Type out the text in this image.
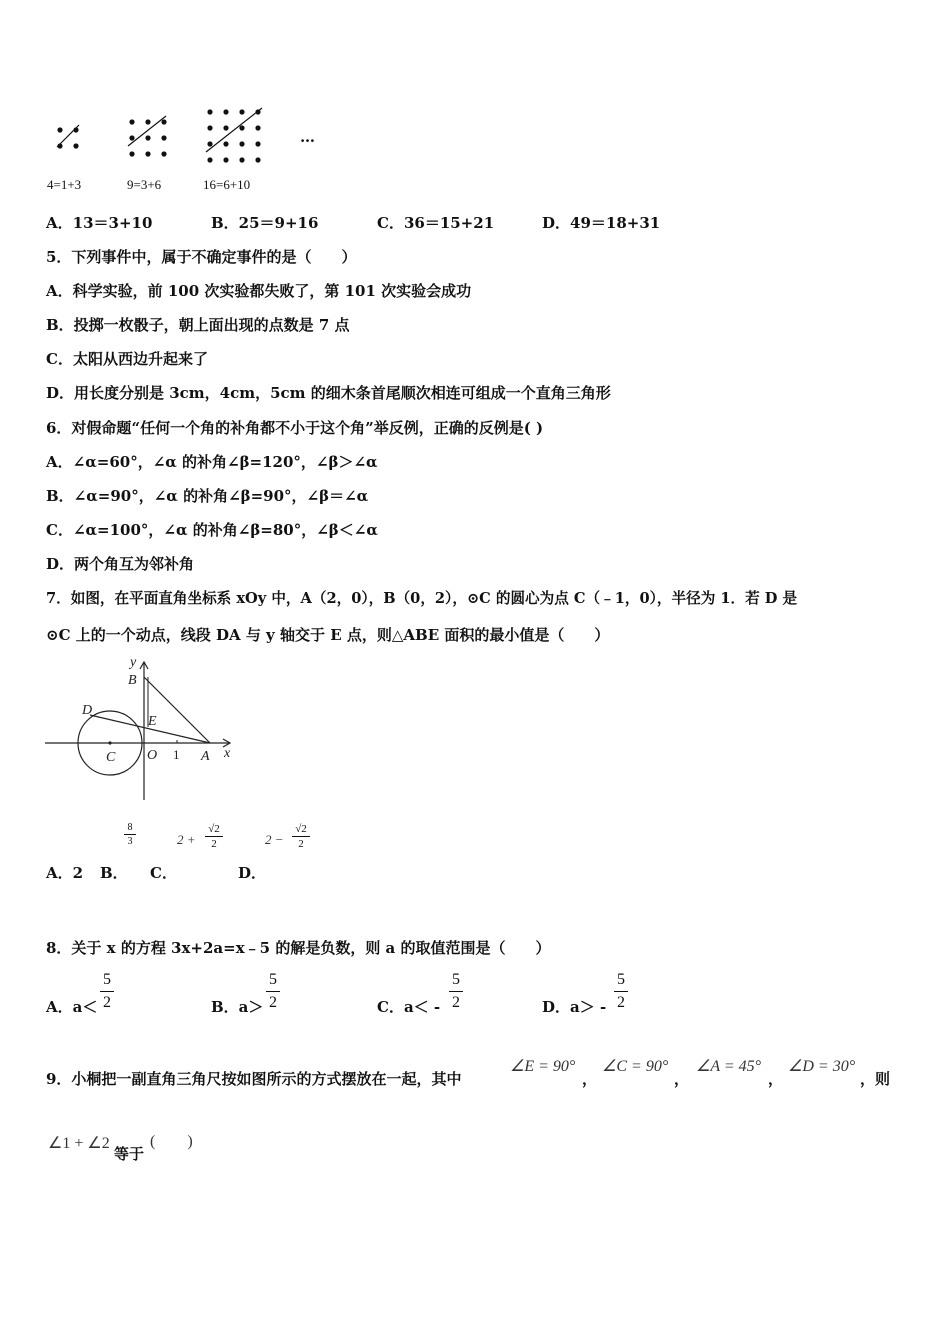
…
4=1+3	9=3+6	16=6+10
A．13＝3+10	B．25＝9+16	C．36＝15+21	D．49＝18+31
5．下列事件中，属于不确定事件的是（　　）
A．科学实验，前 100 次实验都失败了，第 101 次实验会成功
B．投掷一枚骰子，朝上面出现的点数是 7 点
C．太阳从西边升起来了
D．用长度分别是 3cm，4cm，5cm 的细木条首尾顺次相连可组成一个直角三角形
6．对假命题“任何一个角的补角都不小于这个角”举反例，正确的反例是( )
A．∠α=60°，∠α 的补角∠β=120°，∠β＞∠α
B．∠α=90°，∠α 的补角∠β=90°，∠β＝∠α
C．∠α=100°，∠α 的补角∠β=80°，∠β＜∠α
D．两个角互为邻补角
7．如图，在平面直角坐标系 xOy 中，A（2，0），B（0，2），⊙C 的圆心为点 C（﹣1，0），半径为 1．若 D 是
⊙C 上的一个动点，线段 DA 与 y 轴交于 E 点，则△ABE 面积的最小值是（　　）
y
B
D
E
C O 1 A x
8
3	2 +
√2
2	2 −
√2
2
A．2 B． C．	D．
8．关于 x 的方程 3x+2a=x﹣5 的解是负数，则 a 的取值范围是（　　）
A．a＜
5
2	B．a＞
5
2	C．a＜ -
5
2	D．a＞ -
5
2
9．小桐把一副直角三角尺按如图所示的方式摆放在一起，其中
∠E = 90°
，
∠C = 90°
，
∠A = 45°
，
∠D = 30°
，则
∠1 + ∠2
等于
(　　)
